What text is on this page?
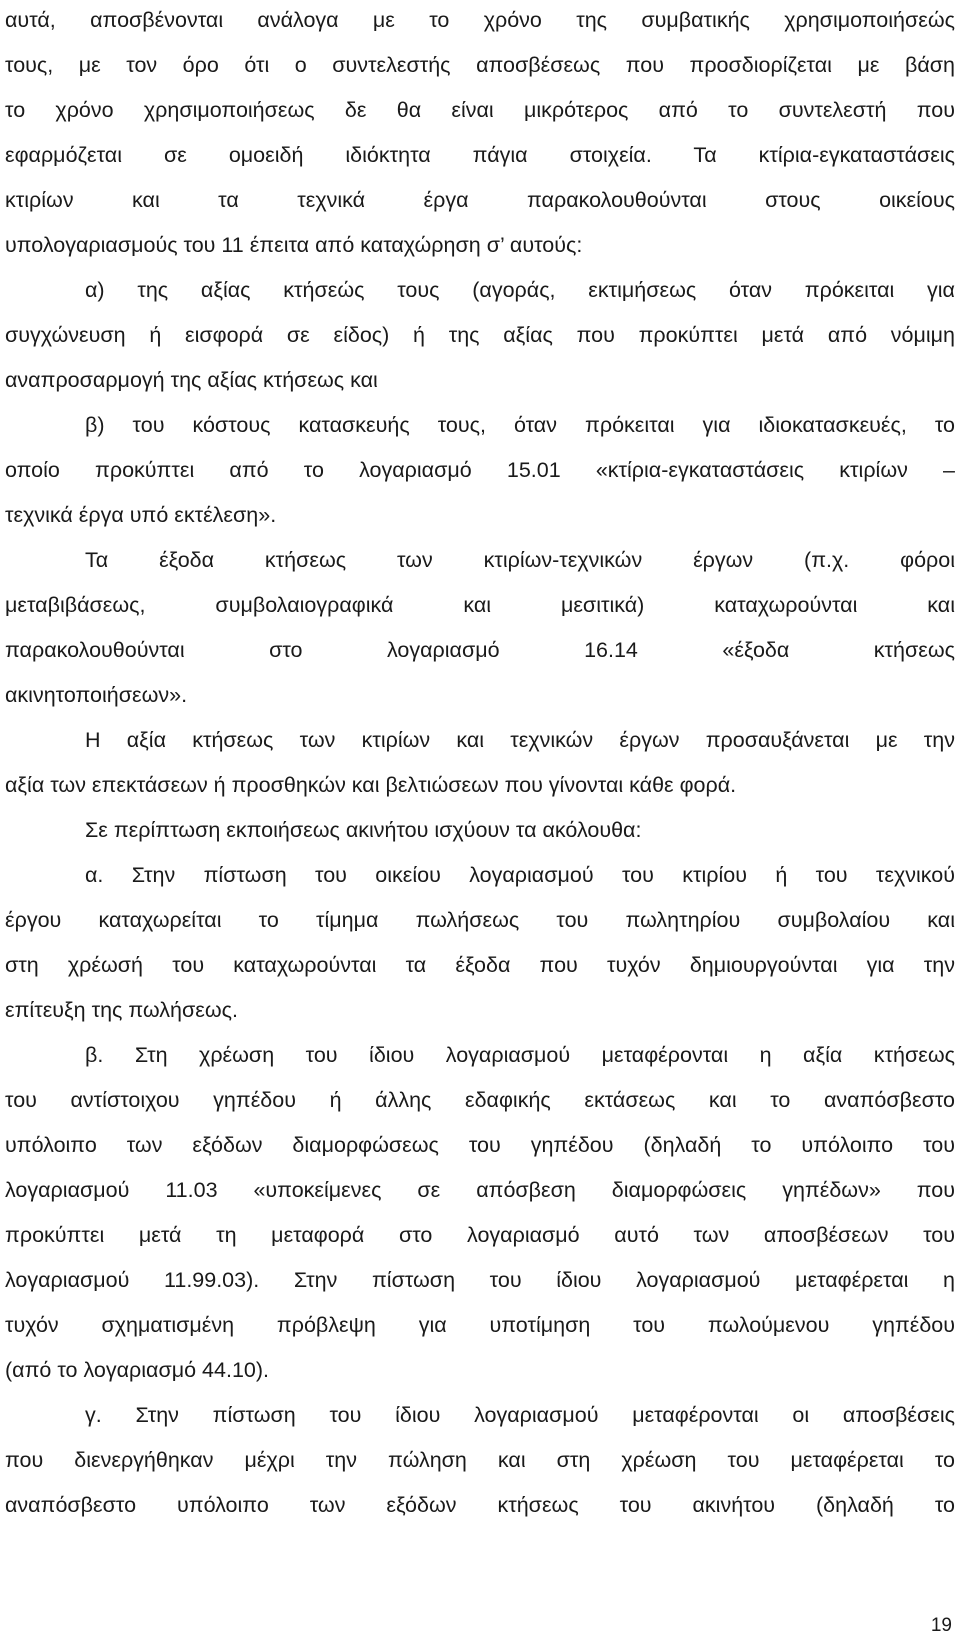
αυτά, αποσβένονται ανάλογα με το χρόνο της συμβατικής χρησιμοποιήσεώς
τους, με τον όρο ότι ο συντελεστής αποσβέσεως που προσδιορίζεται με βάση
το χρόνο χρησιμοποιήσεως δε θα είναι μικρότερος από το συντελεστή που
εφαρμόζεται σε ομοειδή ιδιόκτητα πάγια στοιχεία. Τα κτίρια-εγκαταστάσεις
κτιρίων και τα τεχνικά έργα παρακολουθούνται στους οικείους
υπολογαριασμούς του 11 έπειτα από καταχώρηση σ’ αυτούς:
α) της αξίας κτήσεώς τους (αγοράς, εκτιμήσεως όταν πρόκειται για
συγχώνευση ή εισφορά σε είδος) ή της αξίας που προκύπτει μετά από νόμιμη
αναπροσαρμογή της αξίας κτήσεως και
β) του κόστους κατασκευής τους, όταν πρόκειται για ιδιοκατασκευές, το
οποίο προκύπτει από το λογαριασμό 15.01 «κτίρια-εγκαταστάσεις κτιρίων –
τεχνικά έργα υπό εκτέλεση».
Τα έξοδα κτήσεως των κτιρίων-τεχνικών έργων (π.χ. φόροι
μεταβιβάσεως, συμβολαιογραφικά και μεσιτικά) καταχωρούνται και
παρακολουθούνται στο λογαριασμό 16.14 «έξοδα κτήσεως
ακινητοποιήσεων».
Η αξία κτήσεως των κτιρίων και τεχνικών έργων προσαυξάνεται με την
αξία των επεκτάσεων ή προσθηκών και βελτιώσεων που γίνονται κάθε φορά.
Σε περίπτωση εκποιήσεως ακινήτου ισχύουν τα ακόλουθα:
α. Στην πίστωση του οικείου λογαριασμού του κτιρίου ή του τεχνικού
έργου καταχωρείται το τίμημα πωλήσεως του πωλητηρίου συμβολαίου και
στη χρέωσή του καταχωρούνται τα έξοδα που τυχόν δημιουργούνται για την
επίτευξη της πωλήσεως.
β. Στη χρέωση του ίδιου λογαριασμού μεταφέρονται η αξία κτήσεως
του αντίστοιχου γηπέδου ή άλλης εδαφικής εκτάσεως και το αναπόσβεστο
υπόλοιπο των εξόδων διαμορφώσεως του γηπέδου (δηλαδή το υπόλοιπο του
λογαριασμού 11.03 «υποκείμενες σε απόσβεση διαμορφώσεις γηπέδων» που
προκύπτει μετά τη μεταφορά στο λογαριασμό αυτό των αποσβέσεων του
λογαριασμού 11.99.03). Στην πίστωση του ίδιου λογαριασμού μεταφέρεται η
τυχόν σχηματισμένη πρόβλεψη για υποτίμηση του πωλούμενου γηπέδου
(από το λογαριασμό 44.10).
γ. Στην πίστωση του ίδιου λογαριασμού μεταφέρονται οι αποσβέσεις
που διενεργήθηκαν μέχρι την πώληση και στη χρέωση του μεταφέρεται το
αναπόσβεστο υπόλοιπο των εξόδων κτήσεως του ακινήτου (δηλαδή το
19
